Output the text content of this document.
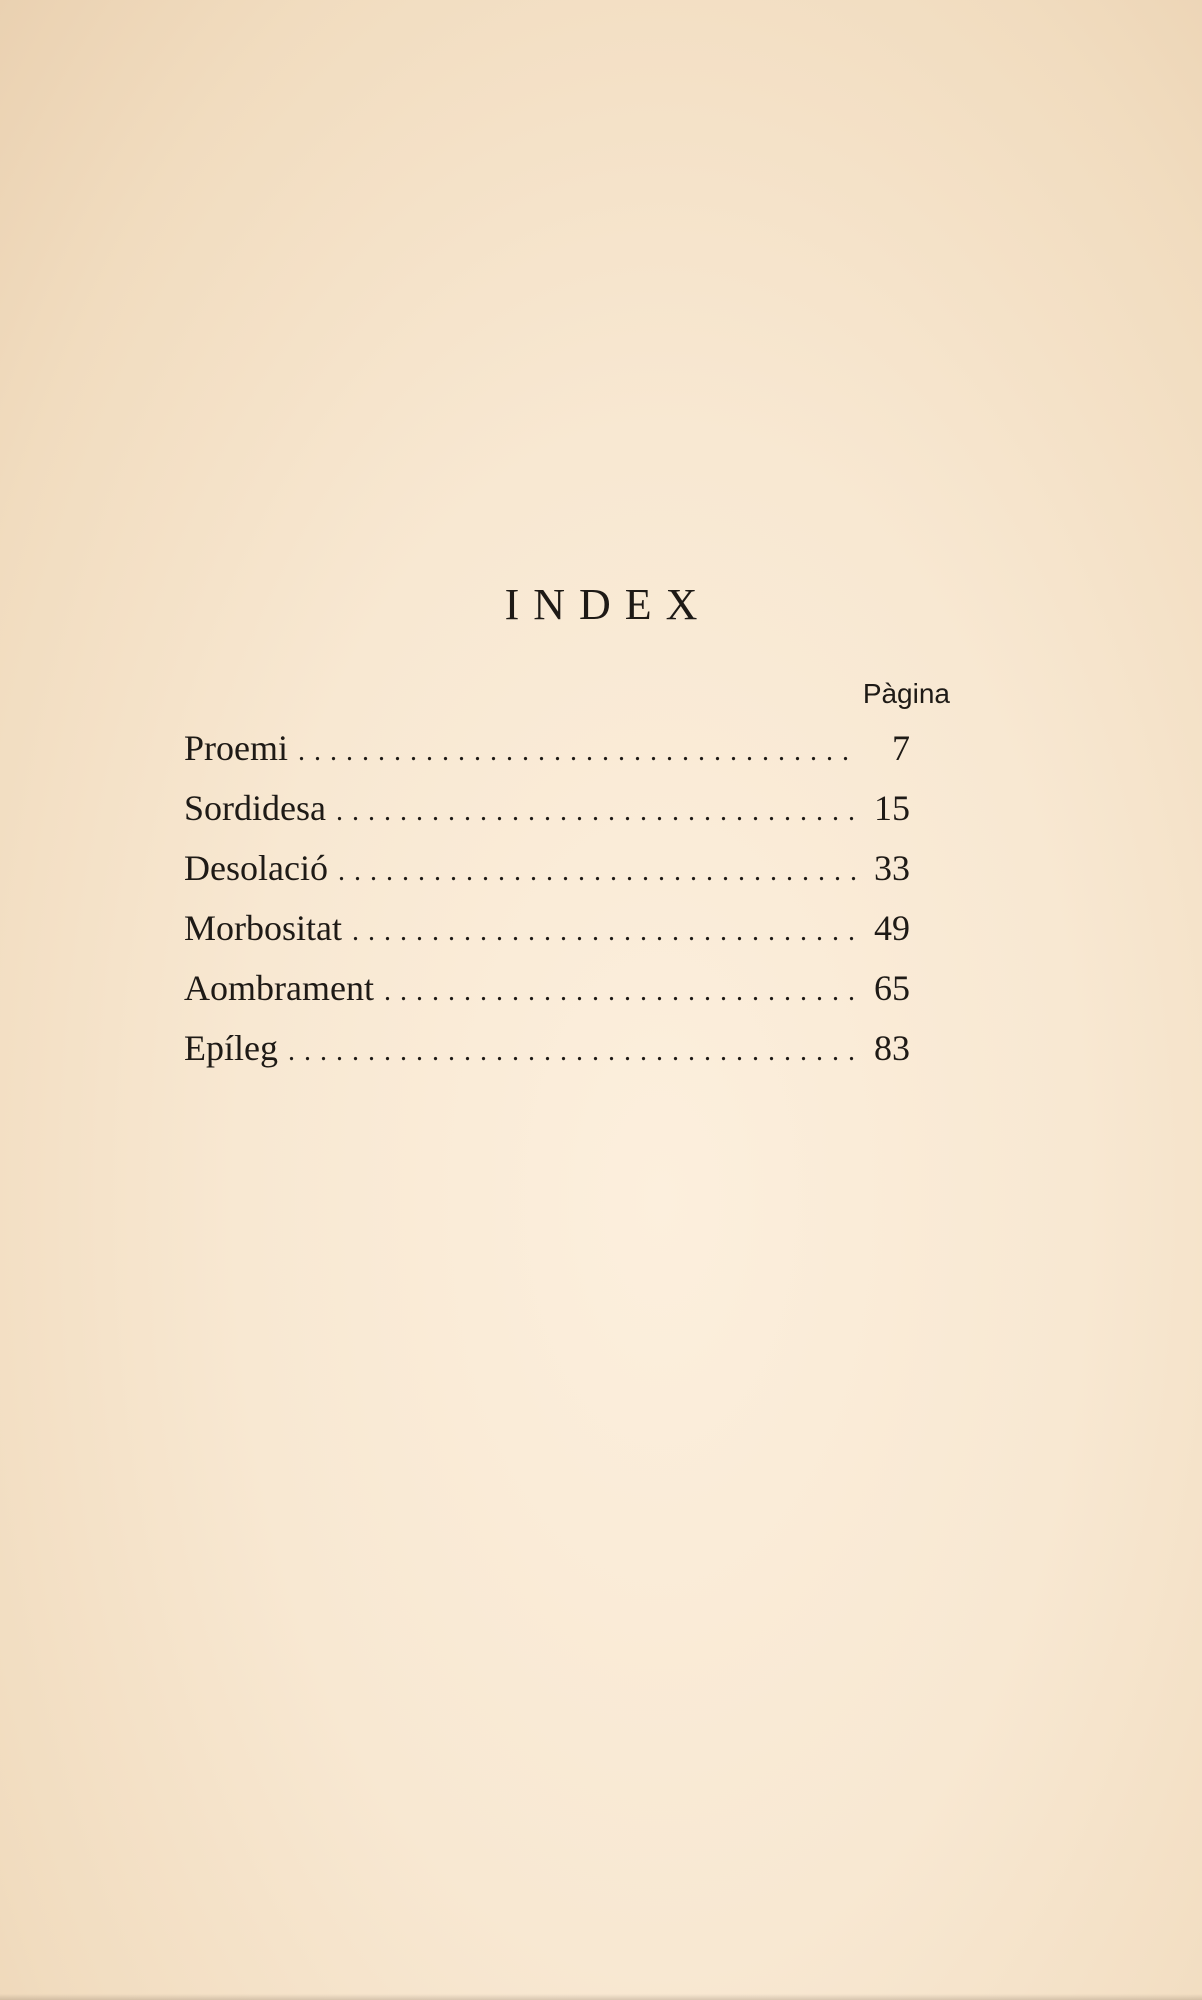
INDEX
Pàgina
Proemi . . .	7
Sordidesa . . .	15
Desolació . . .	33
Morbositat . . .	49
Aombrament . . .	65
Epíleg . . .	83
